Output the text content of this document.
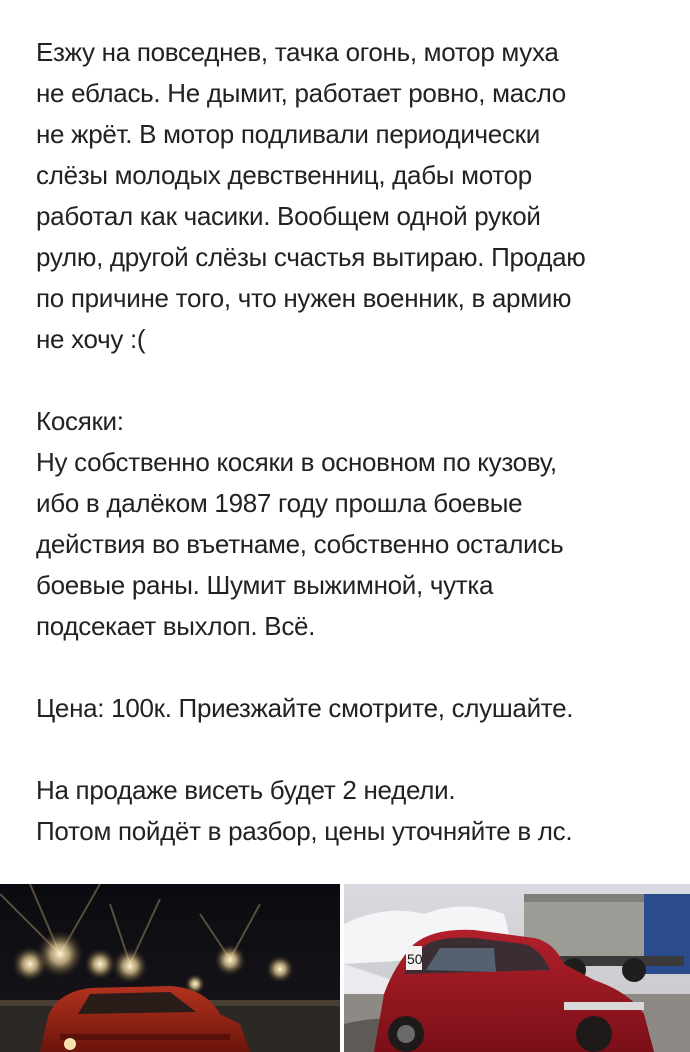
Езжу на повседнев, тачка огонь, мотор муха
не еблась. Не дымит, работает ровно, масло
не жрёт. В мотор подливали периодически
слёзы молодых девственниц, дабы мотор
работал как часики. Вообщем одной рукой
рулю, другой слёзы счастья вытираю. Продаю
по причине того, что нужен военник, в армию
не хочу :(
Косяки:
Ну собственно косяки в основном по кузову,
ибо в далёком 1987 году прошла боевые
действия во въетнаме, собственно остались
боевые раны. Шумит выжимной, чутка
подсекает выхлоп. Всё.
Цена: 100к. Приезжайте смотрите, слушайте.
На продаже висеть будет 2 недели.
Потом пойдёт в разбор, цены уточняйте в лс.
50
